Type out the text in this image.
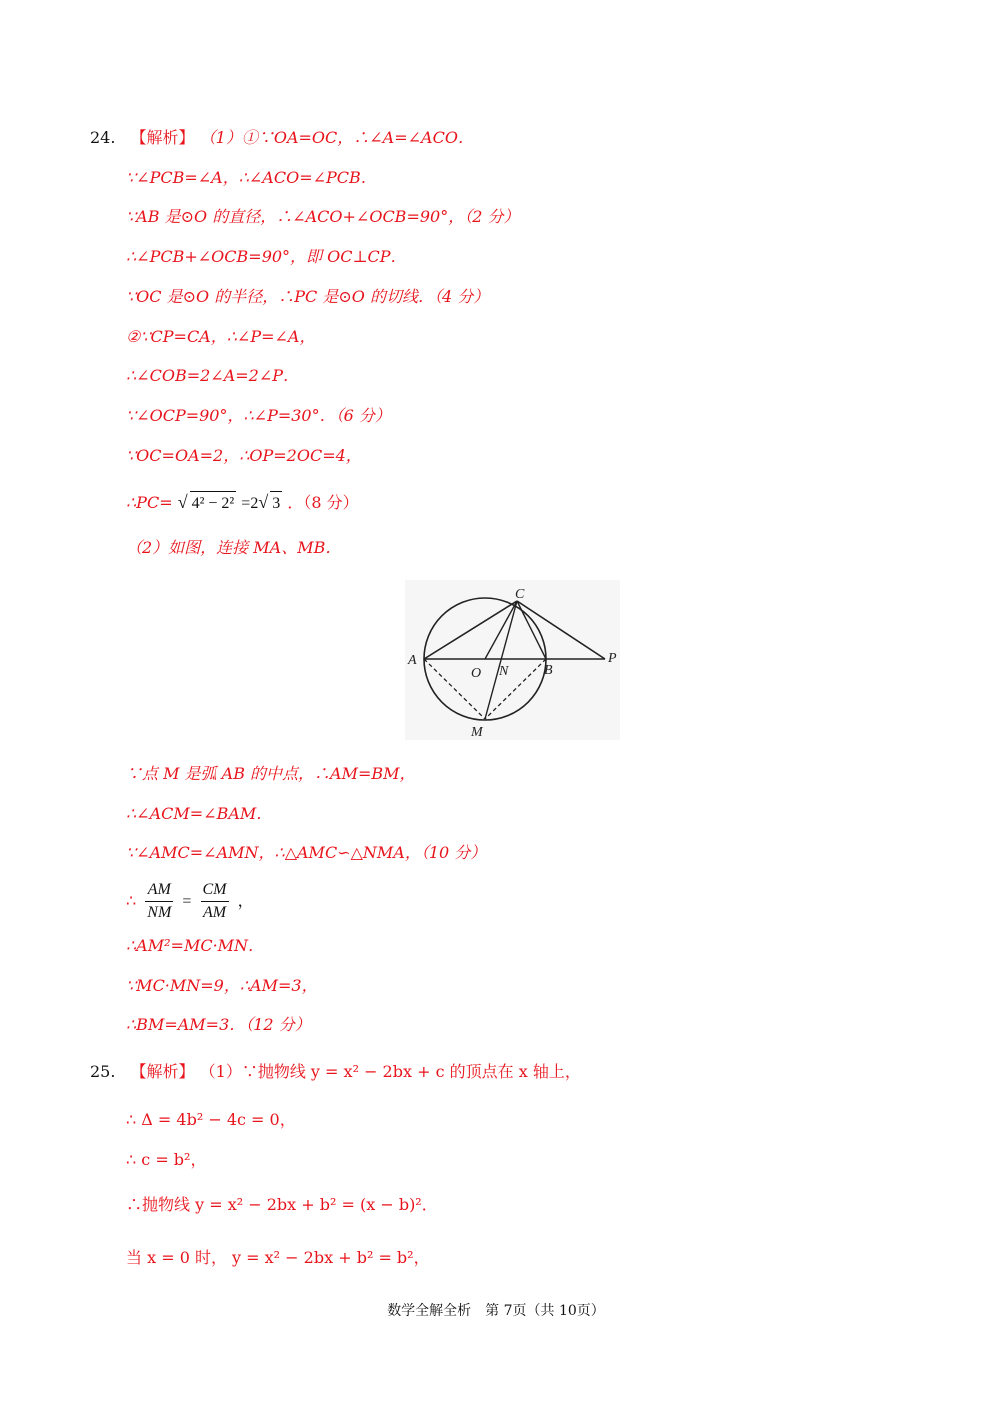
24. 【解析】 （1）①∵OA=OC，∴∠A=∠ACO．
∵∠PCB=∠A，∴∠ACO=∠PCB．
∵AB 是⊙O 的直径，∴∠ACO+∠OCB=90°，（2 分）
∴∠PCB+∠OCB=90°，即 OC⊥CP．
∵OC 是⊙O 的半径，∴PC 是⊙O 的切线．（4 分）
②∵CP=CA，∴∠P=∠A，
∴∠COB=2∠A=2∠P．
∵∠OCP=90°，∴∠P=30°．（6 分）
∵OC=OA=2，∴OP=2OC=4，
∴PC= √ 4² − 2² =2√ 3 ．（8 分）
（2）如图，连接 MA、MB．
A
O N	B
P
C
M
∵点 M 是弧 AB 的中点，∴AM=BM，
∴∠ACM=∠BAM．
∵∠AMC=∠AMN，∴△AMC∽△NMA，（10 分）
∴ $\frac{AM}{NM} = \frac{CM}{AM}$ ，
∴AM²=MC·MN．
∵MC·MN=9，∴AM=3，
∴BM=AM=3．（12 分）
25. 【解析】 （1）∵抛物线 y = x² − 2bx + c 的顶点在 x 轴上，
∴ Δ = 4b² − 4c = 0，
∴ c = b²，
∴抛物线 y = x² − 2bx + b² = (x − b)²．
当 x = 0 时， y = x² − 2bx + b² = b²，
数学全解全析　第 7页（共 10页）
